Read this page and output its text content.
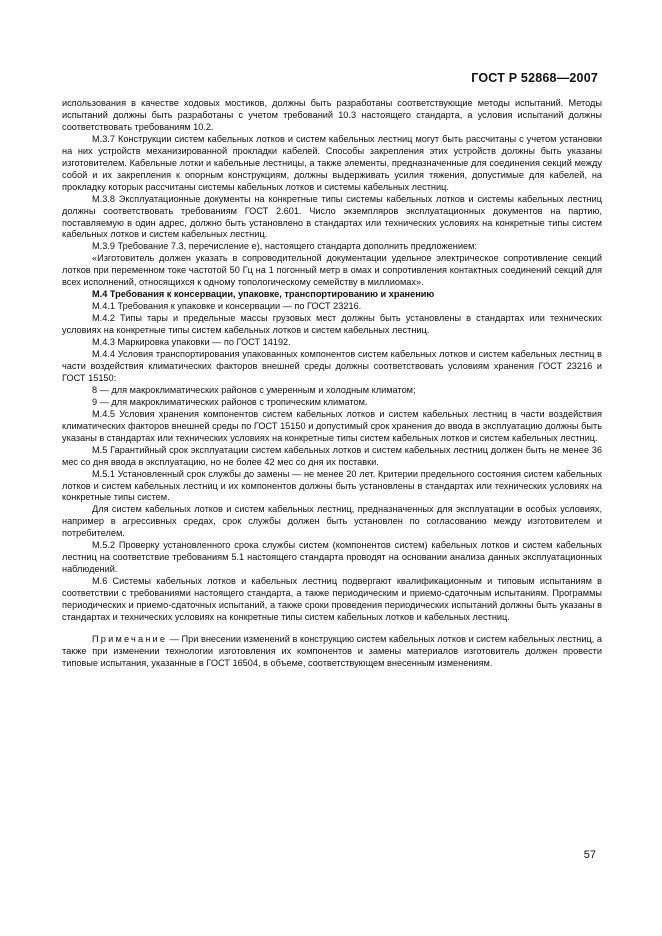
ГОСТ Р 52868—2007

использования в качестве ходовых мостиков, должны быть разработаны соответствующие методы испытаний. Методы испытаний должны быть разработаны с учетом требований 10.3 настоящего стандарта, а условия испытаний должны соответствовать требованиям 10.2.

М.3.7 Конструкции систем кабельных лотков и систем кабельных лестниц могут быть рассчитаны с учетом установки на них устройств механизированной прокладки кабелей. Способы закрепления этих устройств должны быть указаны изготовителем. Кабельные лотки и кабельные лестницы, а также элементы, предназначенные для соединения секций между собой и их закрепления к опорным конструкциям, должны выдерживать усилия тяжения, допустимые для кабелей, на прокладку которых рассчитаны системы кабельных лотков и системы кабельных лестниц.

М.3.8 Эксплуатационные документы на конкретные типы системы кабельных лотков и системы кабельных лестниц должны соответствовать требованиям ГОСТ 2.601. Число экземпляров эксплуатационных документов на партию, поставляемую в один адрес, должно быть установлено в стандартах или технических условиях на конкретные типы систем кабельных лотков и систем кабельных лестниц.

М.3.9 Требование 7.3, перечисление е), настоящего стандарта дополнить предложением:

«Изготовитель должен указать в сопроводительной документации удельное электрическое сопротивление секций лотков при переменном токе частотой 50 Гц на 1 погонный метр в омах и сопротивления контактных соединений секций для всех исполнений, относящихся к одному топологическому семейству в миллиомах».

М.4 Требования к консервации, упаковке, транспортированию и хранению

М.4.1 Требования к упаковке и консервации — по ГОСТ 23216.

М.4.2 Типы тары и предельные массы грузовых мест должны быть установлены в стандартах или технических условиях на конкретные типы систем кабельных лотков и систем кабельных лестниц.

М.4.3 Маркировка упаковки — по ГОСТ 14192.

М.4.4 Условия транспортирования упакованных компонентов систем кабельных лотков и систем кабельных лестниц в части воздействия климатических факторов внешней среды должны соответствовать условиям хранения ГОСТ 23216 и ГОСТ 15150:

8 — для макроклиматических районов с умеренным и холодным климатом;

9 — для макроклиматических районов с тропическим климатом.

М.4.5 Условия хранения компонентов систем кабельных лотков и систем кабельных лестниц в части воздействия климатических факторов внешней среды по ГОСТ 15150 и допустимый срок хранения до ввода в эксплуатацию должны быть указаны в стандартах или технических условиях на конкретные типы систем кабельных лотков и систем кабельных лестниц.

М.5 Гарантийный срок эксплуатации систем кабельных лотков и систем кабельных лестниц должен быть не менее 36 мес со дня ввода в эксплуатацию, но не более 42 мес со дня их поставки.

М.5.1 Установленный срок службы до замены — не менее 20 лет. Критерии предельного состояния систем кабельных лотков и систем кабельных лестниц и их компонентов должны быть установлены в стандартах или технических условиях на конкретные типы систем.

Для систем кабельных лотков и систем кабельных лестниц, предназначенных для эксплуатации в особых условиях, например в агрессивных средах, срок службы должен быть установлен по согласованию между изготовителем и потребителем.

М.5.2 Проверку установленного срока службы систем (компонентов систем) кабельных лотков и систем кабельных лестниц на соответствие требованиям 5.1 настоящего стандарта проводят на основании анализа данных эксплуатационных наблюдений.

М.6 Системы кабельных лотков и кабельных лестниц подвергают квалификационным и типовым испытаниям в соответствии с требованиями настоящего стандарта, а также периодическим и приемо-сдаточным испытаниям. Программы периодических и приемо-сдаточных испытаний, а также сроки проведения периодических испытаний должны быть указаны в стандартах и технических условиях на конкретные типы систем кабельных лотков и кабельных лестниц.

Примечание — При внесении изменений в конструкцию систем кабельных лотков и систем кабельных лестниц, а также при изменении технологии изготовления их компонентов и замены материалов изготовитель должен провести типовые испытания, указанные в ГОСТ 16504, в объеме, соответствующем внесенным изменениям.

57
